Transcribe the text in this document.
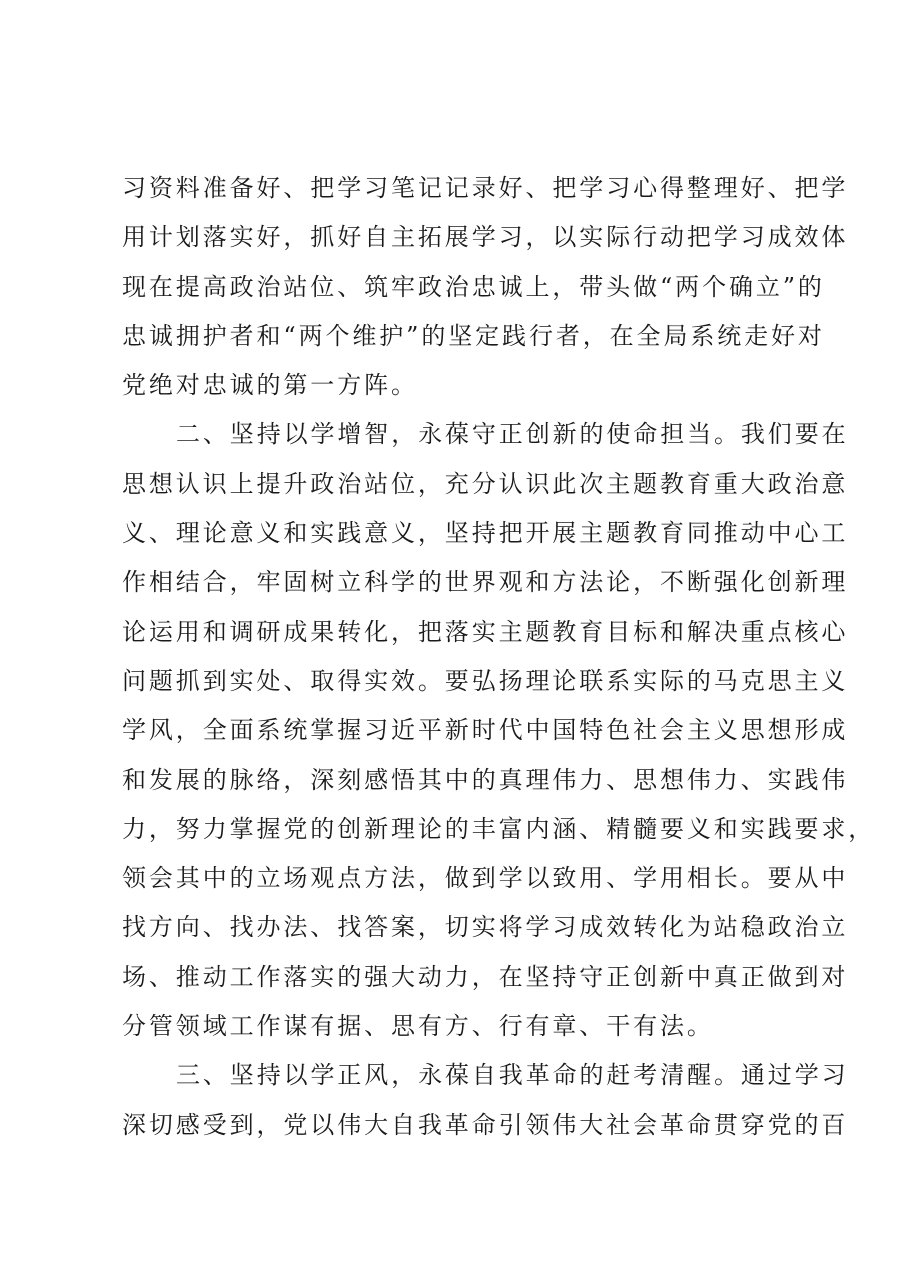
习资料准备好、把学习笔记记录好、把学习心得整理好、把学
用计划落实好，抓好自主拓展学习，以实际行动把学习成效体
现在提高政治站位、筑牢政治忠诚上，带头做“两个确立”的
忠诚拥护者和“两个维护”的坚定践行者，在全局系统走好对
党绝对忠诚的第一方阵。
二、坚持以学增智，永葆守正创新的使命担当。我们要在
思想认识上提升政治站位，充分认识此次主题教育重大政治意
义、理论意义和实践意义，坚持把开展主题教育同推动中心工
作相结合，牢固树立科学的世界观和方法论，不断强化创新理
论运用和调研成果转化，把落实主题教育目标和解决重点核心
问题抓到实处、取得实效。要弘扬理论联系实际的马克思主义
学风，全面系统掌握习近平新时代中国特色社会主义思想形成
和发展的脉络，深刻感悟其中的真理伟力、思想伟力、实践伟
力，努力掌握党的创新理论的丰富内涵、精髓要义和实践要求，
领会其中的立场观点方法，做到学以致用、学用相长。要从中
找方向、找办法、找答案，切实将学习成效转化为站稳政治立
场、推动工作落实的强大动力，在坚持守正创新中真正做到对
分管领域工作谋有据、思有方、行有章、干有法。
三、坚持以学正风，永葆自我革命的赶考清醒。通过学习
深切感受到，党以伟大自我革命引领伟大社会革命贯穿党的百
